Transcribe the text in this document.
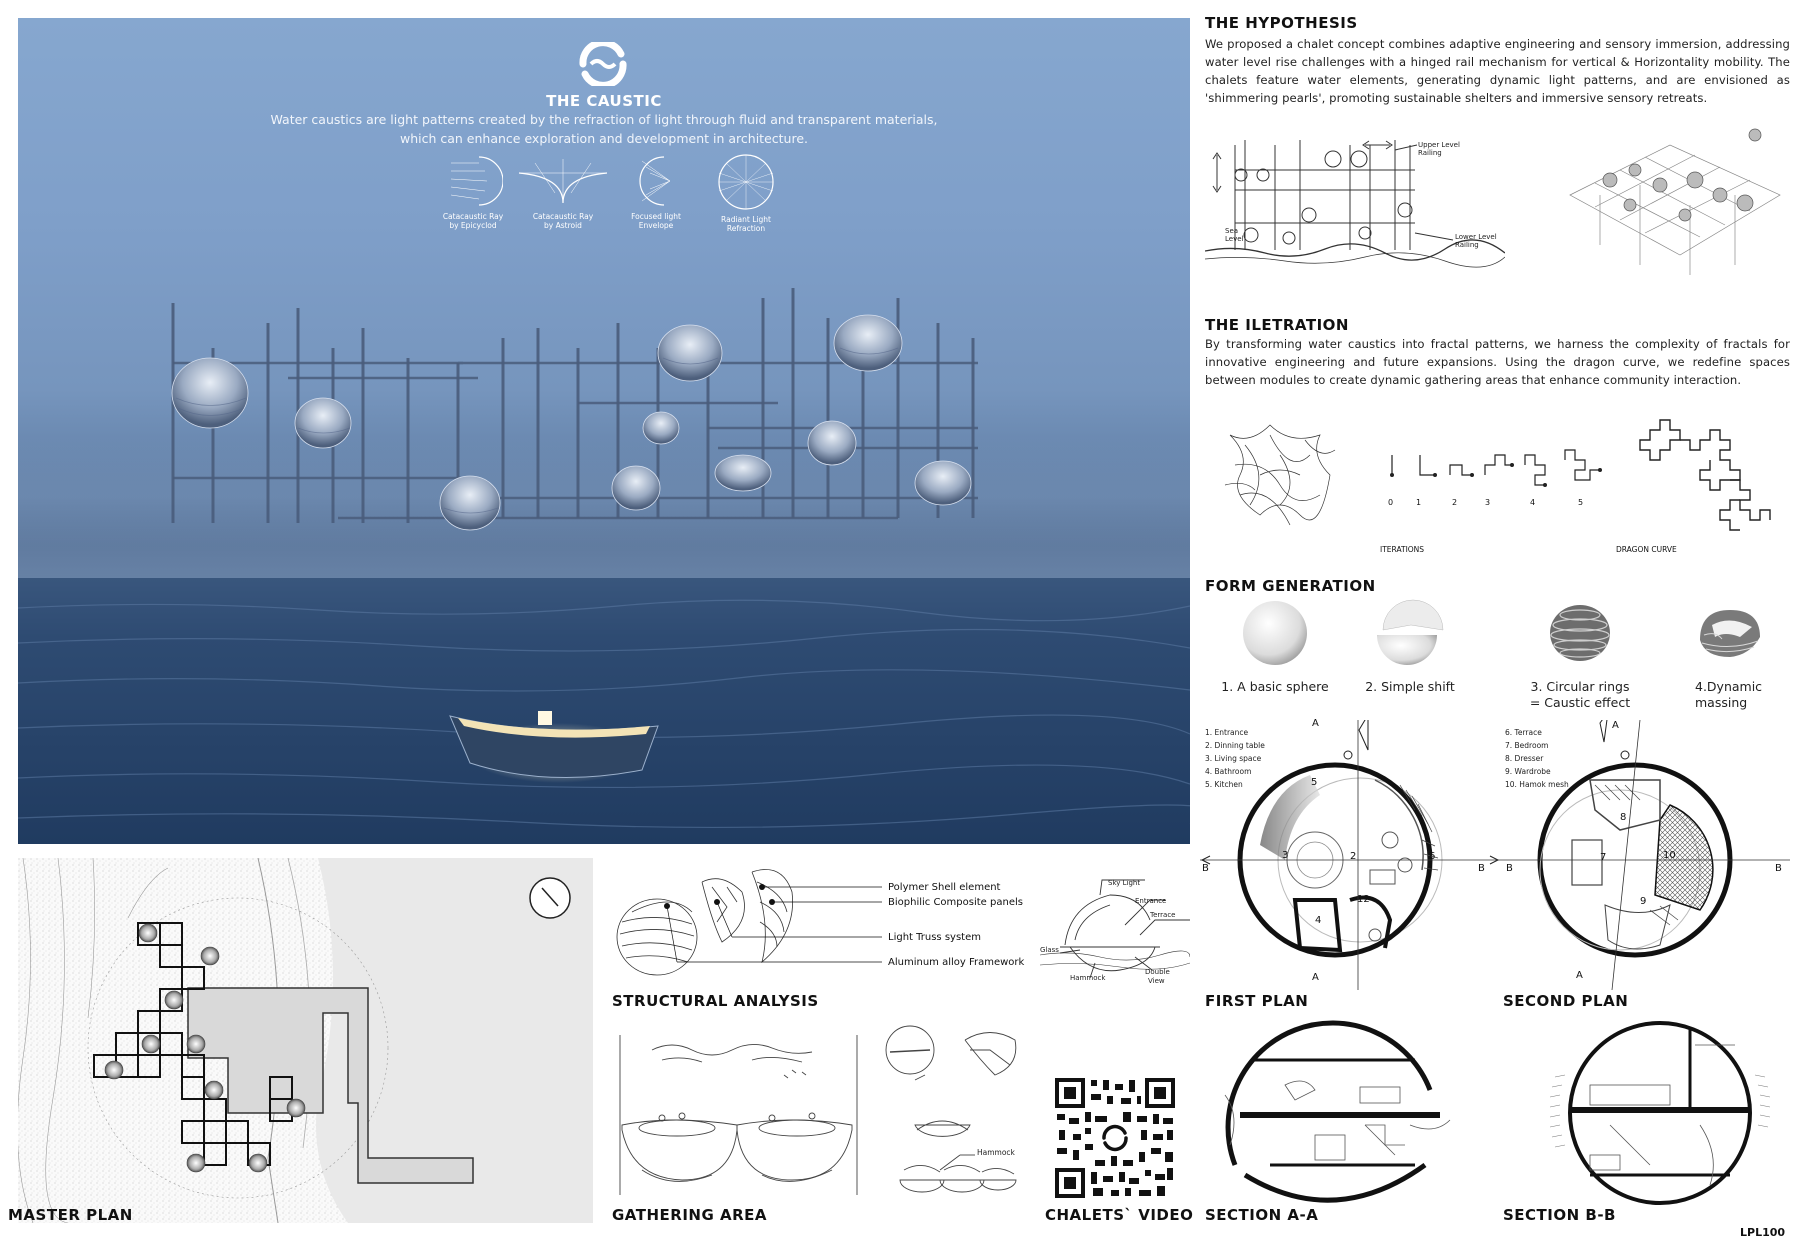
THE CAUSTIC
Water caustics are light patterns created by the refraction of light through fluid and transparent materials,
which can enhance exploration and development in architecture.
Catacaustic Ray
by Epicyclod
Catacaustic Ray
by Astroid
Focused light
Envelope
Radiant Light
Refraction
THE HYPOTHESIS
We proposed a chalet concept combines adaptive engineering and sensory immersion, addressing water level rise challenges with a hinged rail mechanism for vertical & Horizontality mobility. The chalets feature water elements, generating dynamic light patterns, and are envisioned as 'shimmering pearls', promoting sustainable shelters and immersive sensory retreats.
Upper Level
Railing
Lower Level
Railing
Sea
Level
THE ILETRATION
By transforming water caustics into fractal patterns, we harness the complexity of fractals for innovative engineering and future expansions. Using the dragon curve, we redefine spaces between modules to create dynamic gathering areas that enhance community interaction.
0	1	2	3	4	5
ITERATIONS	DRAGON CURVE
FORM GENERATION
1. A basic sphere	2. Simple shift	3. Circular rings
= Caustic effect
4.Dynamic
massing
1. Entrance
2. Dinning table
3. Living space
4. Bathroom
5. Kitchen	5
3	2	6
4
12
A
A
B	B
FIRST PLAN
6. Terrace
7. Bedroom
8. Dresser
9. Wardrobe
10. Hamok mesh
8
10
7
9
A
A
B	B
SECOND PLAN
SECTION A-A	SECTION B-B
MASTER PLAN
Polymer Shell element
Biophilic Composite panels
Light Truss system
Aluminum alloy Framework
STRUCTURAL ANALYSIS
Sky Light
Entrance
Terrace
Glass
Hammock
Double
View
GATHERING AREA
Hammock
CHALETS` VIDEO
LPL100
